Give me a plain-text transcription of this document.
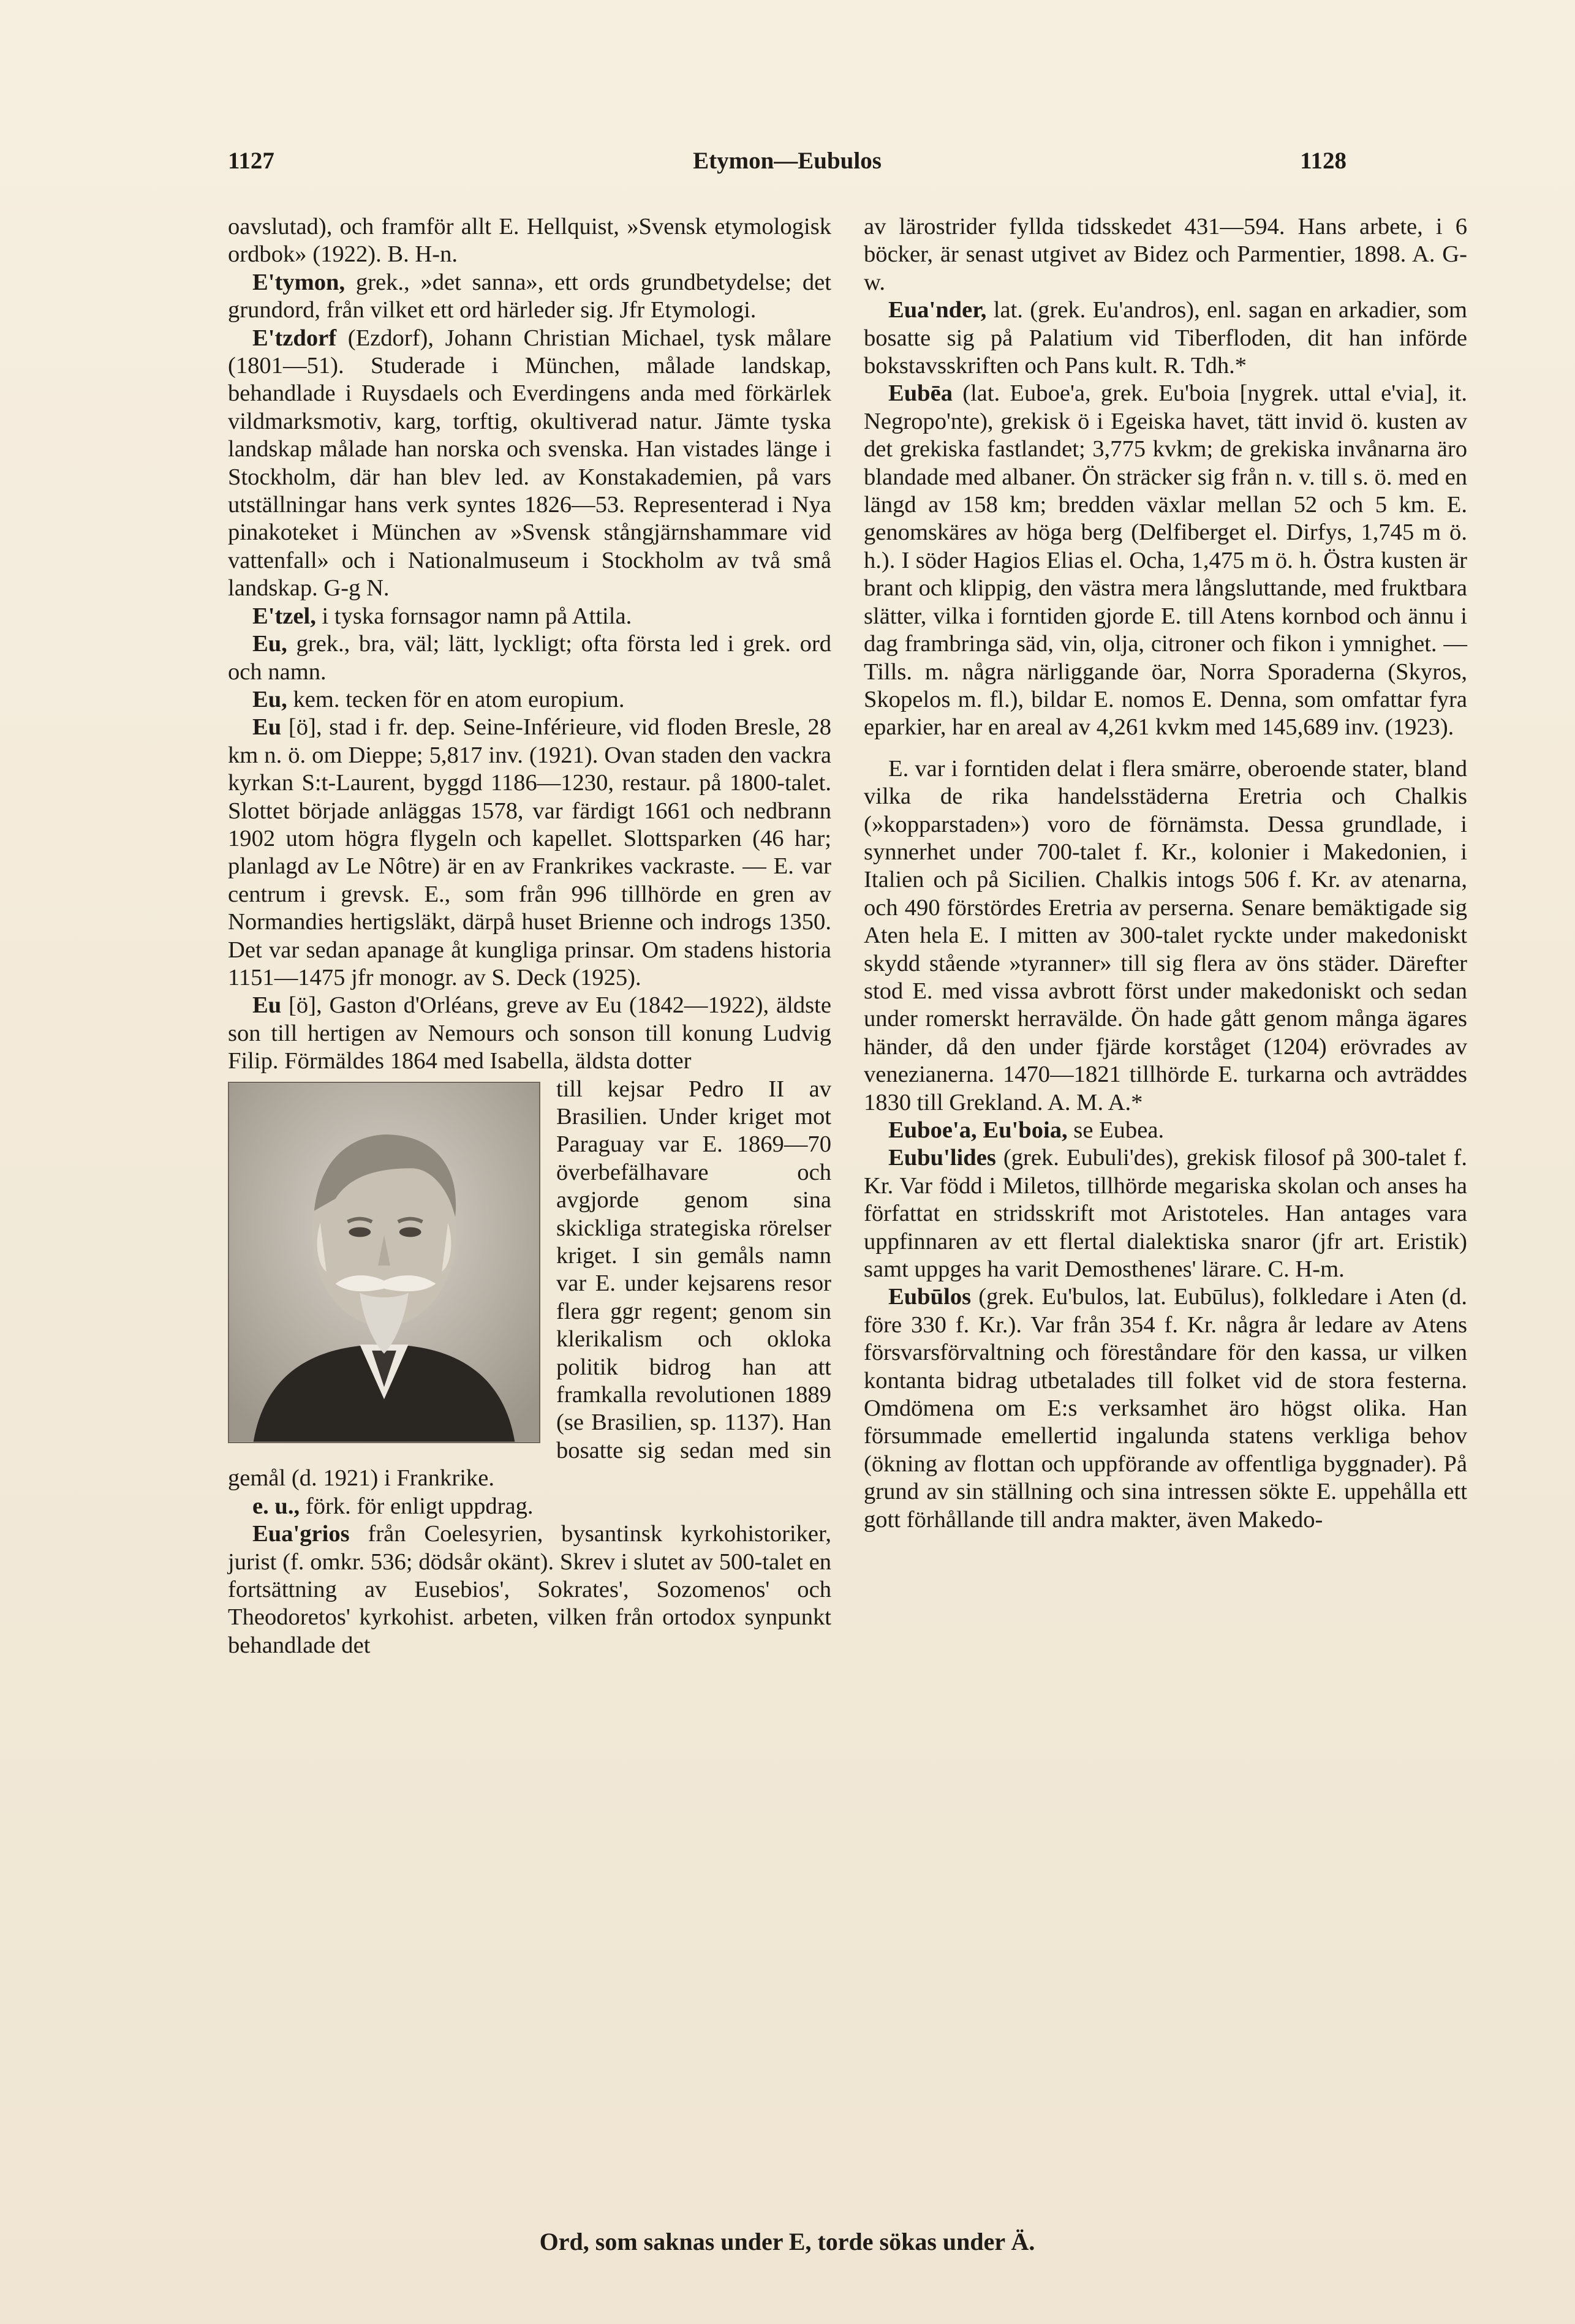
1127	Etymon—Eubulos	1128

oavslutad), och framför allt E. Hellquist, »Svensk etymologisk ordbok» (1922). B. H-n.

E'tymon, grek., »det sanna», ett ords grundbetydelse; det grundord, från vilket ett ord härleder sig. Jfr Etymologi.

E'tzdorf (Ezdorf), Johann Christian Michael, tysk målare (1801—51). Studerade i München, målade landskap, behandlade i Ruysdaels och Everdingens anda med förkärlek vildmarksmotiv, karg, torftig, okultiverad natur. Jämte tyska landskap målade han norska och svenska. Han vistades länge i Stockholm, där han blev led. av Konstakademien, på vars utställningar hans verk syntes 1826—53. Representerad i Nya pinakoteket i München av »Svensk stångjärnshammare vid vattenfall» och i Nationalmuseum i Stockholm av två små landskap. G-g N.

E'tzel, i tyska fornsagor namn på Attila.

Eu, grek., bra, väl; lätt, lyckligt; ofta första led i grek. ord och namn.

Eu, kem. tecken för en atom europium.

Eu [ö], stad i fr. dep. Seine-Inférieure, vid floden Bresle, 28 km n. ö. om Dieppe; 5,817 inv. (1921). Ovan staden den vackra kyrkan S:t-Laurent, byggd 1186—1230, restaur. på 1800-talet. Slottet började anläggas 1578, var färdigt 1661 och nedbrann 1902 utom högra flygeln och kapellet. Slottsparken (46 har; planlagd av Le Nôtre) är en av Frankrikes vackraste. — E. var centrum i grevsk. E., som från 996 tillhörde en gren av Normandies hertigsläkt, därpå huset Brienne och indrogs 1350. Det var sedan apanage åt kungliga prinsar. Om stadens historia 1151—1475 jfr monogr. av S. Deck (1925).

Eu [ö], Gaston d'Orléans, greve av Eu (1842—1922), äldste son till hertigen av Nemours och sonson till konung Ludvig Filip. Förmäldes 1864 med Isabella, äldsta dotter

till kejsar Pedro II av Brasilien. Under kriget mot Paraguay var E. 1869—70 överbefälhavare och avgjorde genom sina skickliga strategiska rörelser kriget. I sin gemåls namn var E. under kejsarens resor flera ggr regent; genom sin klerikalism och okloka politik bidrog han att framkalla revolutionen 1889 (se Brasilien, sp. 1137). Han bosatte sig sedan med sin gemål (d. 1921) i Frankrike.

e. u., förk. för enligt uppdrag.

Eua'grios från Coelesyrien, bysantinsk kyrkohistoriker, jurist (f. omkr. 536; dödsår okänt). Skrev i slutet av 500-talet en fortsättning av Eusebios', Sokrates', Sozomenos' och Theodoretos' kyrkohist. arbeten, vilken från ortodox synpunkt behandlade det

av lärostrider fyllda tidsskedet 431—594. Hans arbete, i 6 böcker, är senast utgivet av Bidez och Parmentier, 1898. A. G-w.

Eua'nder, lat. (grek. Eu'andros), enl. sagan en arkadier, som bosatte sig på Palatium vid Tiberfloden, dit han införde bokstavsskriften och Pans kult. R. Tdh.*

Eubēa (lat. Euboe'a, grek. Eu'boia [nygrek. uttal e'via], it. Negropo'nte), grekisk ö i Egeiska havet, tätt invid ö. kusten av det grekiska fastlandet; 3,775 kvkm; de grekiska invånarna äro blandade med albaner. Ön sträcker sig från n. v. till s. ö. med en längd av 158 km; bredden växlar mellan 52 och 5 km. E. genomskäres av höga berg (Delfiberget el. Dirfys, 1,745 m ö. h.). I söder Hagios Elias el. Ocha, 1,475 m ö. h. Östra kusten är brant och klippig, den västra mera långsluttande, med fruktbara slätter, vilka i forntiden gjorde E. till Atens kornbod och ännu i dag frambringa säd, vin, olja, citroner och fikon i ymnighet. — Tills. m. några närliggande öar, Norra Sporaderna (Skyros, Skopelos m. fl.), bildar E. nomos E. Denna, som omfattar fyra eparkier, har en areal av 4,261 kvkm med 145,689 inv. (1923).

E. var i forntiden delat i flera smärre, oberoende stater, bland vilka de rika handelsstäderna Eretria och Chalkis (»kopparstaden») voro de förnämsta. Dessa grundlade, i synnerhet under 700-talet f. Kr., kolonier i Makedonien, i Italien och på Sicilien. Chalkis intogs 506 f. Kr. av atenarna, och 490 förstördes Eretria av perserna. Senare bemäktigade sig Aten hela E. I mitten av 300-talet ryckte under makedoniskt skydd stående »tyranner» till sig flera av öns städer. Därefter stod E. med vissa avbrott först under makedoniskt och sedan under romerskt herravälde. Ön hade gått genom många ägares händer, då den under fjärde korståget (1204) erövrades av venezianerna. 1470—1821 tillhörde E. turkarna och avträddes 1830 till Grekland. A. M. A.*

Euboe'a, Eu'boia, se Eubea.

Eubu'lides (grek. Eubuli'des), grekisk filosof på 300-talet f. Kr. Var född i Miletos, tillhörde megariska skolan och anses ha författat en stridsskrift mot Aristoteles. Han antages vara uppfinnaren av ett flertal dialektiska snaror (jfr art. Eristik) samt uppges ha varit Demosthenes' lärare. C. H-m.

Eubūlos (grek. Eu'bulos, lat. Eubūlus), folkledare i Aten (d. före 330 f. Kr.). Var från 354 f. Kr. några år ledare av Atens försvarsförvaltning och föreståndare för den kassa, ur vilken kontanta bidrag utbetalades till folket vid de stora festerna. Omdömena om E:s verksamhet äro högst olika. Han försummade emellertid ingalunda statens verkliga behov (ökning av flottan och uppförande av offentliga byggnader). På grund av sin ställning och sina intressen sökte E. uppehålla ett gott förhållande till andra makter, även Makedo-

Ord, som saknas under E, torde sökas under Ä.
